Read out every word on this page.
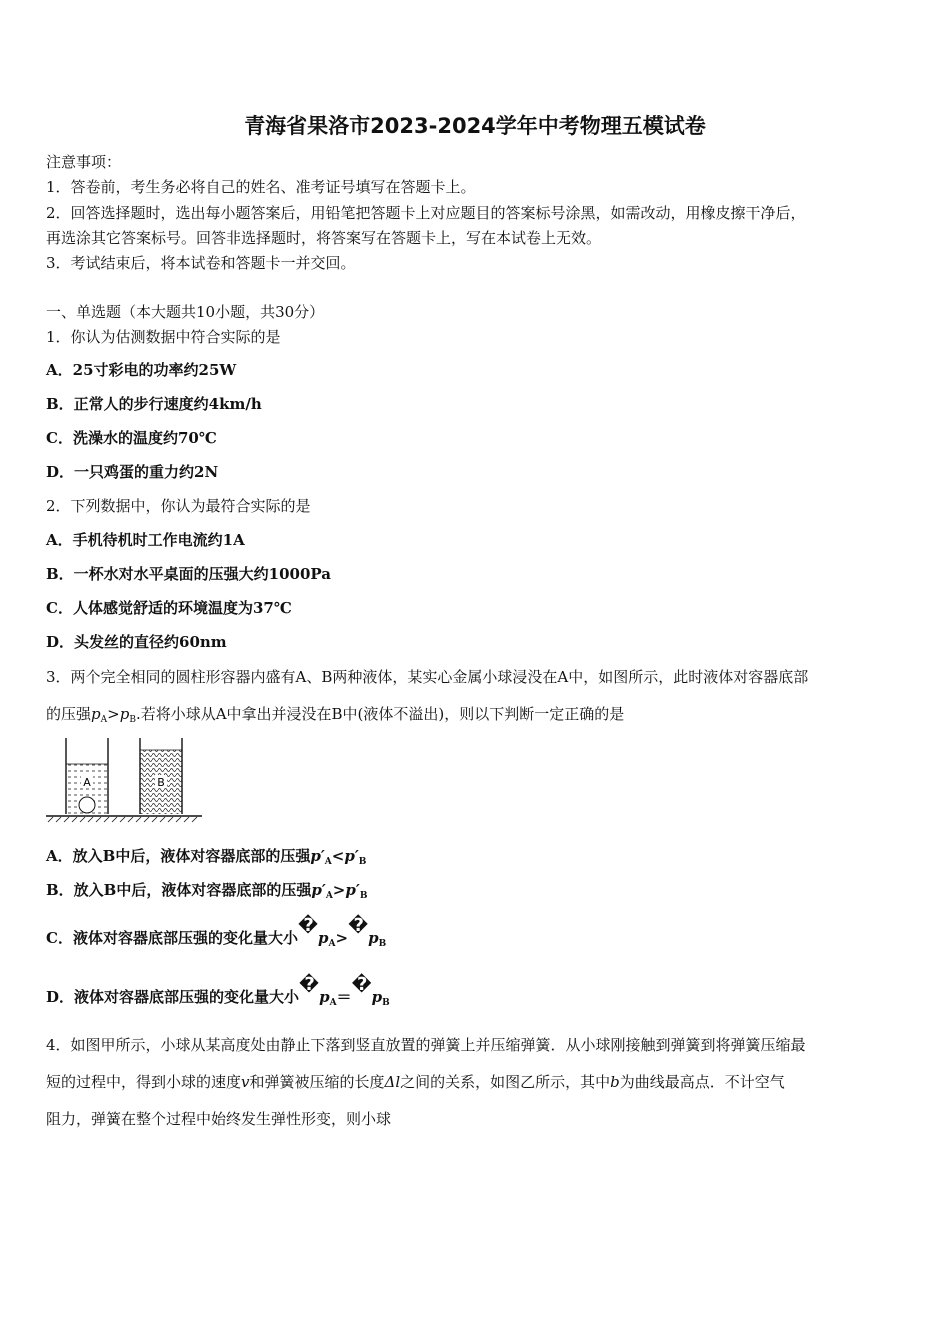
青海省果洛市2023-2024学年中考物理五模试卷
注意事项：
1．答卷前，考生务必将自己的姓名、准考证号填写在答题卡上。
2．回答选择题时，选出每小题答案后，用铅笔把答题卡上对应题目的答案标号涂黑，如需改动，用橡皮擦干净后，
再选涂其它答案标号。回答非选择题时，将答案写在答题卡上，写在本试卷上无效。
3．考试结束后，将本试卷和答题卡一并交回。
一、单选题（本大题共10小题，共30分）
1．你认为估测数据中符合实际的是
A．25寸彩电的功率约25W
B．正常人的步行速度约4km/h
C．洗澡水的温度约70℃
D．一只鸡蛋的重力约2N
2．下列数据中，你认为最符合实际的是
A．手机待机时工作电流约1A
B．一杯水对水平桌面的压强大约1000Pa
C．人体感觉舒适的环境温度为37℃
D．头发丝的直径约60nm
3．两个完全相同的圆柱形容器内盛有A、B两种液体，某实心金属小球浸没在A中，如图所示，此时液体对容器底部
的压强$p_A>p_B$.若将小球从A中拿出并浸没在B中(液体不溢出)，则以下判断一定正确的是
A	B
A．放入B中后，液体对容器底部的压强$p'_A<p'_B$
B．放入B中后，液体对容器底部的压强$p'_A>p'_B$
C．液体对容器底部压强的变化量大小$�p_A>�p_B$
D．液体对容器底部压强的变化量大小$�p_A=�p_B$
4．如图甲所示，小球从某高度处由静止下落到竖直放置的弹簧上并压缩弹簧．从小球刚接触到弹簧到将弹簧压缩最
短的过程中，得到小球的速度v和弹簧被压缩的长度Δl之间的关系，如图乙所示，其中b为曲线最高点．不计空气
阻力，弹簧在整个过程中始终发生弹性形变，则小球
